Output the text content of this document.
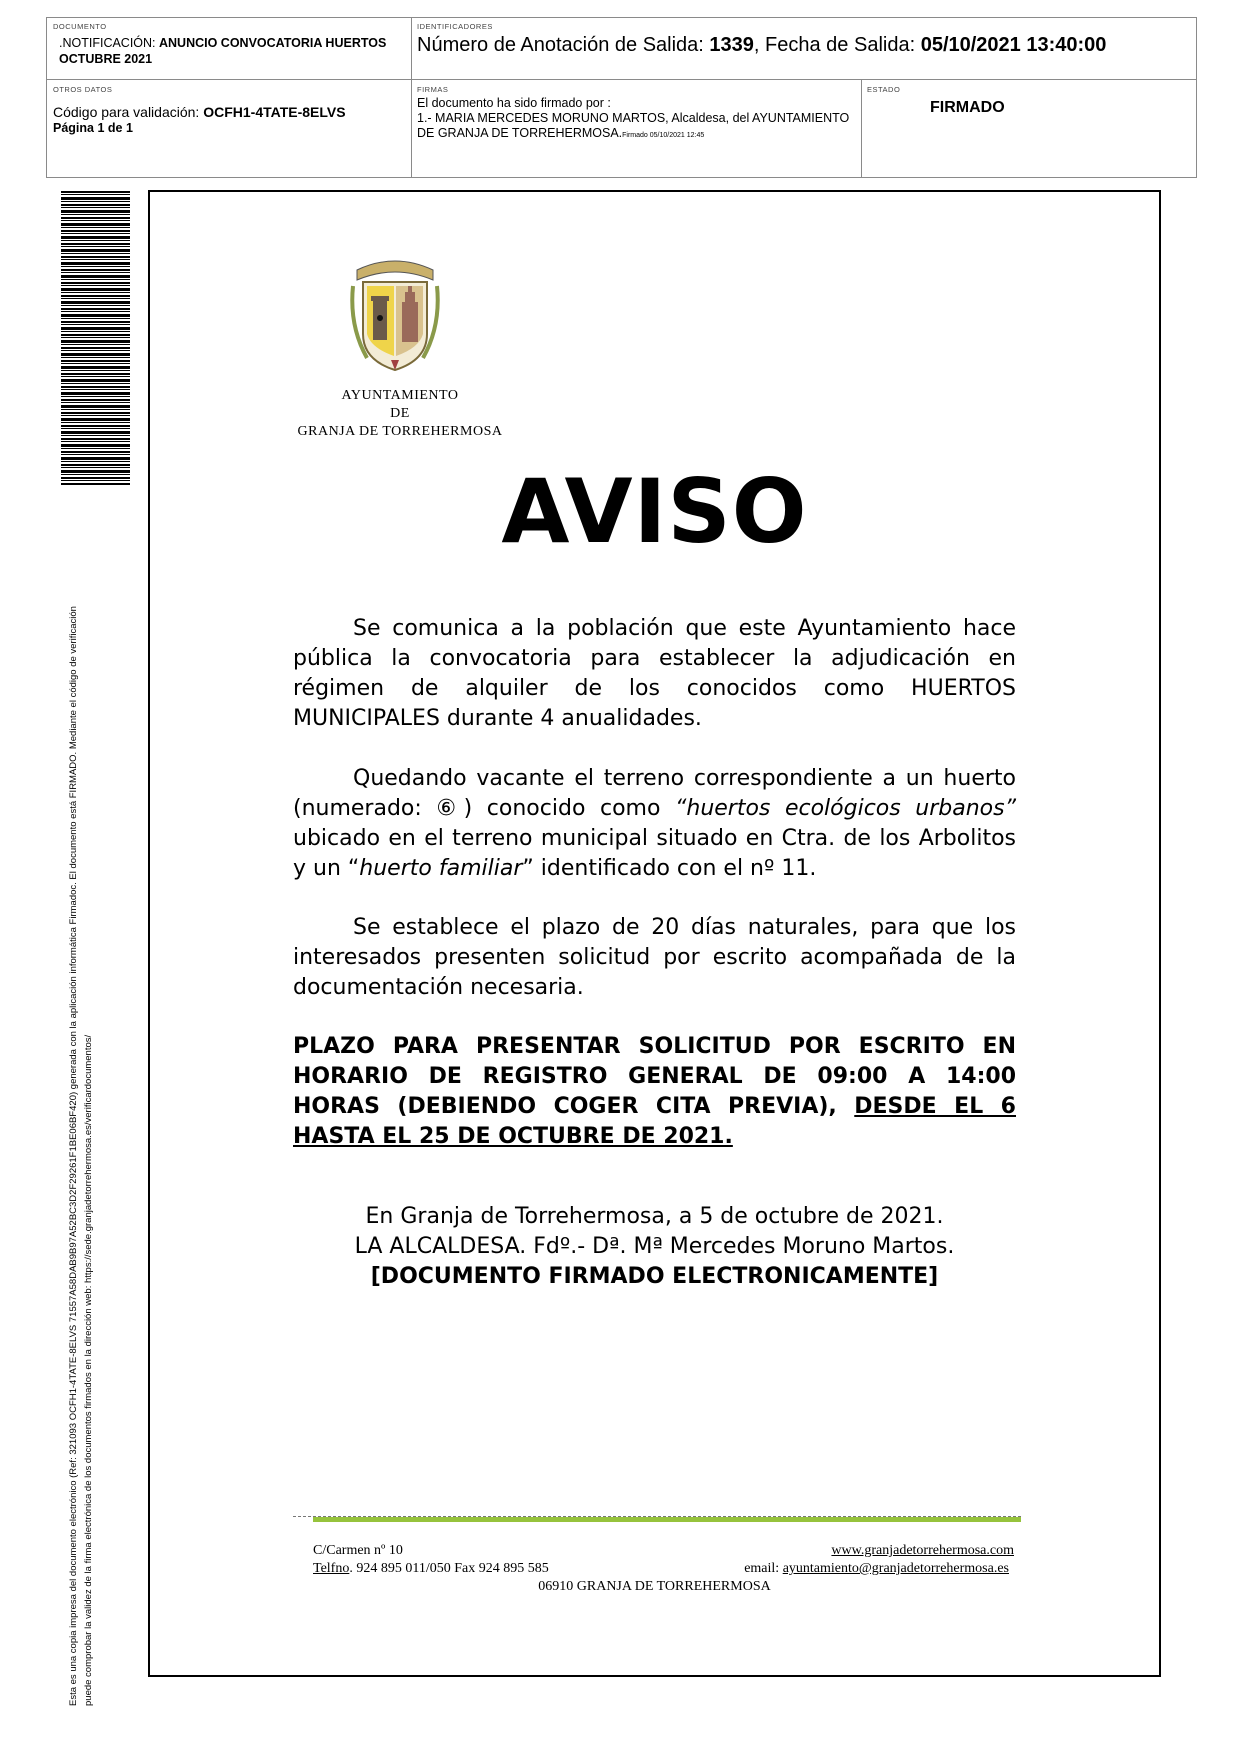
DOCUMENTO
.NOTIFICACIÓN: ANUNCIO CONVOCATORIA HUERTOS OCTUBRE 2021
IDENTIFICADORES
Número de Anotación de Salida: 1339, Fecha de Salida: 05/10/2021 13:40:00
OTROS DATOS
Código para validación: OCFH1-4TATE-8ELVS
Página 1 de 1
FIRMAS
El documento ha sido firmado por :
1.- MARIA MERCEDES MORUNO MARTOS, Alcaldesa, del AYUNTAMIENTO DE GRANJA DE TORREHERMOSA.Firmado 05/10/2021 12:45
ESTADO
FIRMADO
Esta es una copia impresa del documento electrónico (Ref: 321093 OCFH1-4TATE-8ELVS 71557A58DAB9B97A52BC3D2F29261F1BE06BF420) generada con la aplicación informática Firmadoc. El documento está FIRMADO. Mediante el código de verificación puede comprobar la validez de la firma electrónica de los documentos firmados en la dirección web: https://sede.granjadetorrehermosa.es/verificardocumentos/
AYUNTAMIENTO
DE
GRANJA DE TORREHERMOSA
AVISO
Se comunica a la población que este Ayuntamiento hace pública la convocatoria para establecer la adjudicación en régimen de alquiler de los conocidos como HUERTOS MUNICIPALES durante 4 anualidades.
Quedando vacante el terreno correspondiente a un huerto (numerado: ⑥) conocido como “huertos ecológicos urbanos” ubicado en el terreno municipal situado en Ctra. de los Arbolitos y un “huerto familiar” identificado con el nº 11.
Se establece el plazo de 20 días naturales, para que los interesados presenten solicitud por escrito acompañada de la documentación necesaria.
PLAZO PARA PRESENTAR SOLICITUD POR ESCRITO EN HORARIO DE REGISTRO GENERAL DE 09:00 A 14:00 HORAS (DEBIENDO COGER CITA PREVIA), DESDE EL 6 HASTA EL 25 DE OCTUBRE DE 2021.
En Granja de Torrehermosa, a 5 de octubre de 2021.
LA ALCALDESA. Fdº.- Dª. Mª Mercedes Moruno Martos.
[DOCUMENTO FIRMADO ELECTRONICAMENTE]
C/Carmen nº 10
Telfno. 924 895 011/050 Fax 924 895 585
www.granjadetorrehermosa.com
email: ayuntamiento@granjadetorrehermosa.es
06910 GRANJA DE TORREHERMOSA
